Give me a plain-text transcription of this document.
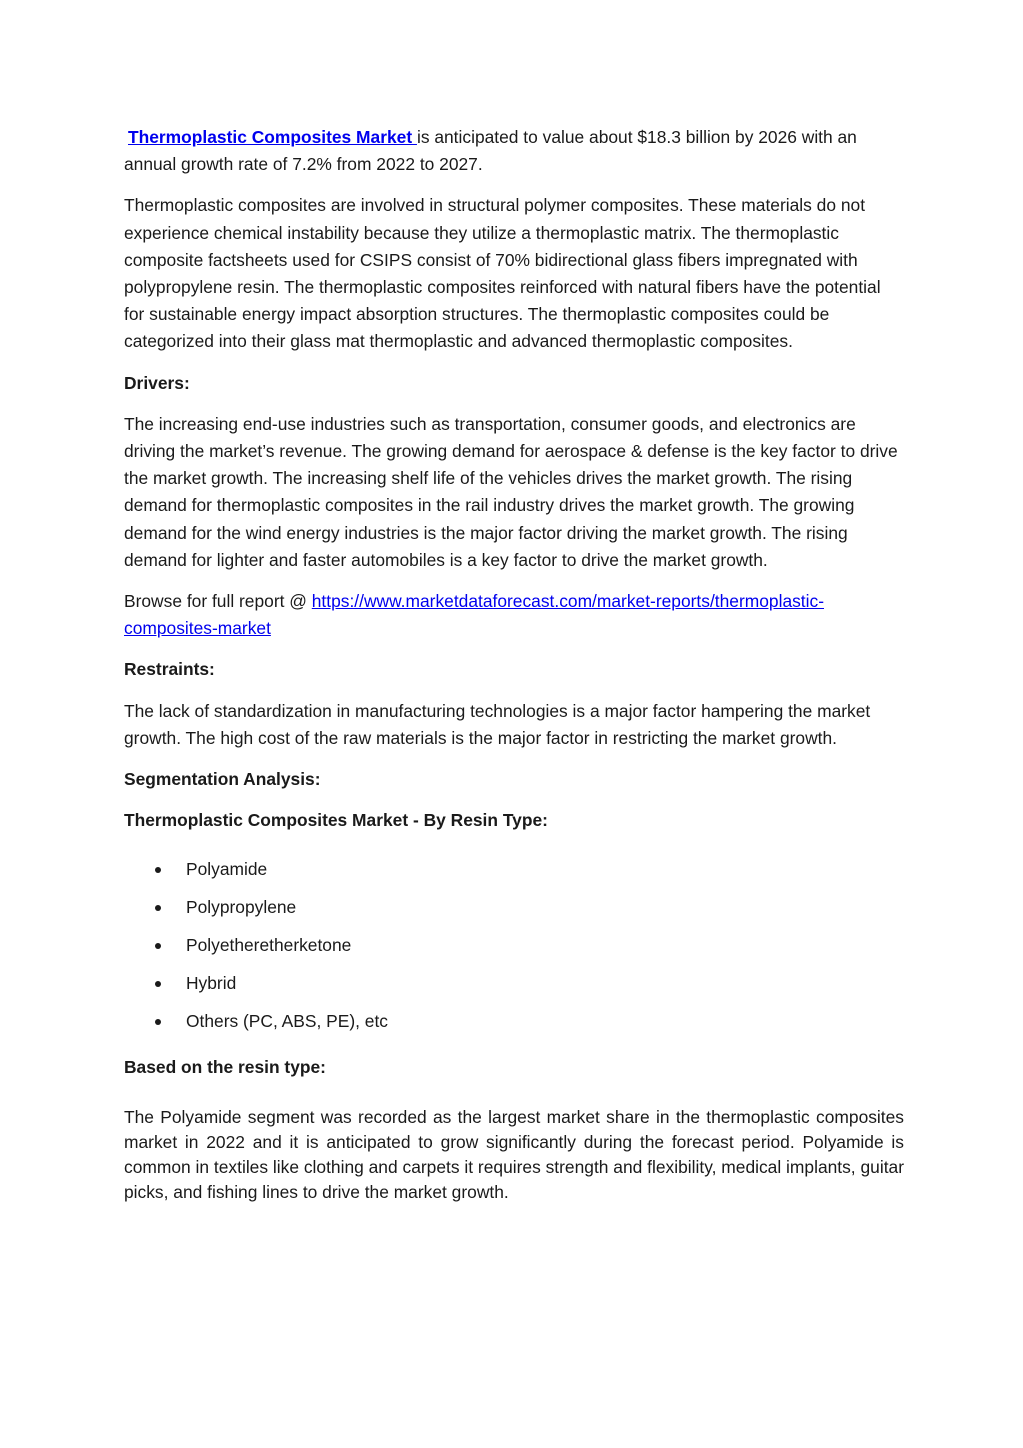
Thermoplastic Composites Market is anticipated to value about $18.3 billion by 2026 with an annual growth rate of 7.2% from 2022 to 2027.

Thermoplastic composites are involved in structural polymer composites. These materials do not experience chemical instability because they utilize a thermoplastic matrix. The thermoplastic composite factsheets used for CSIPS consist of 70% bidirectional glass fibers impregnated with polypropylene resin. The thermoplastic composites reinforced with natural fibers have the potential for sustainable energy impact absorption structures. The thermoplastic composites could be categorized into their glass mat thermoplastic and advanced thermoplastic composites.

Drivers:

The increasing end-use industries such as transportation, consumer goods, and electronics are driving the market’s revenue. The growing demand for aerospace & defense is the key factor to drive the market growth. The increasing shelf life of the vehicles drives the market growth. The rising demand for thermoplastic composites in the rail industry drives the market growth. The growing demand for the wind energy industries is the major factor driving the market growth. The rising demand for lighter and faster automobiles is a key factor to drive the market growth.

Browse for full report @ https://www.marketdataforecast.com/market-reports/thermoplastic-composites-market

Restraints:

The lack of standardization in manufacturing technologies is a major factor hampering the market growth. The high cost of the raw materials is the major factor in restricting the market growth.

Segmentation Analysis:

Thermoplastic Composites Market - By Resin Type:

Polyamide
Polypropylene
Polyetheretherketone
Hybrid
Others (PC, ABS, PE), etc

Based on the resin type:

The Polyamide segment was recorded as the largest market share in the thermoplastic composites market in 2022 and it is anticipated to grow significantly during the forecast period. Polyamide is common in textiles like clothing and carpets it requires strength and flexibility, medical implants, guitar picks, and fishing lines to drive the market growth.
